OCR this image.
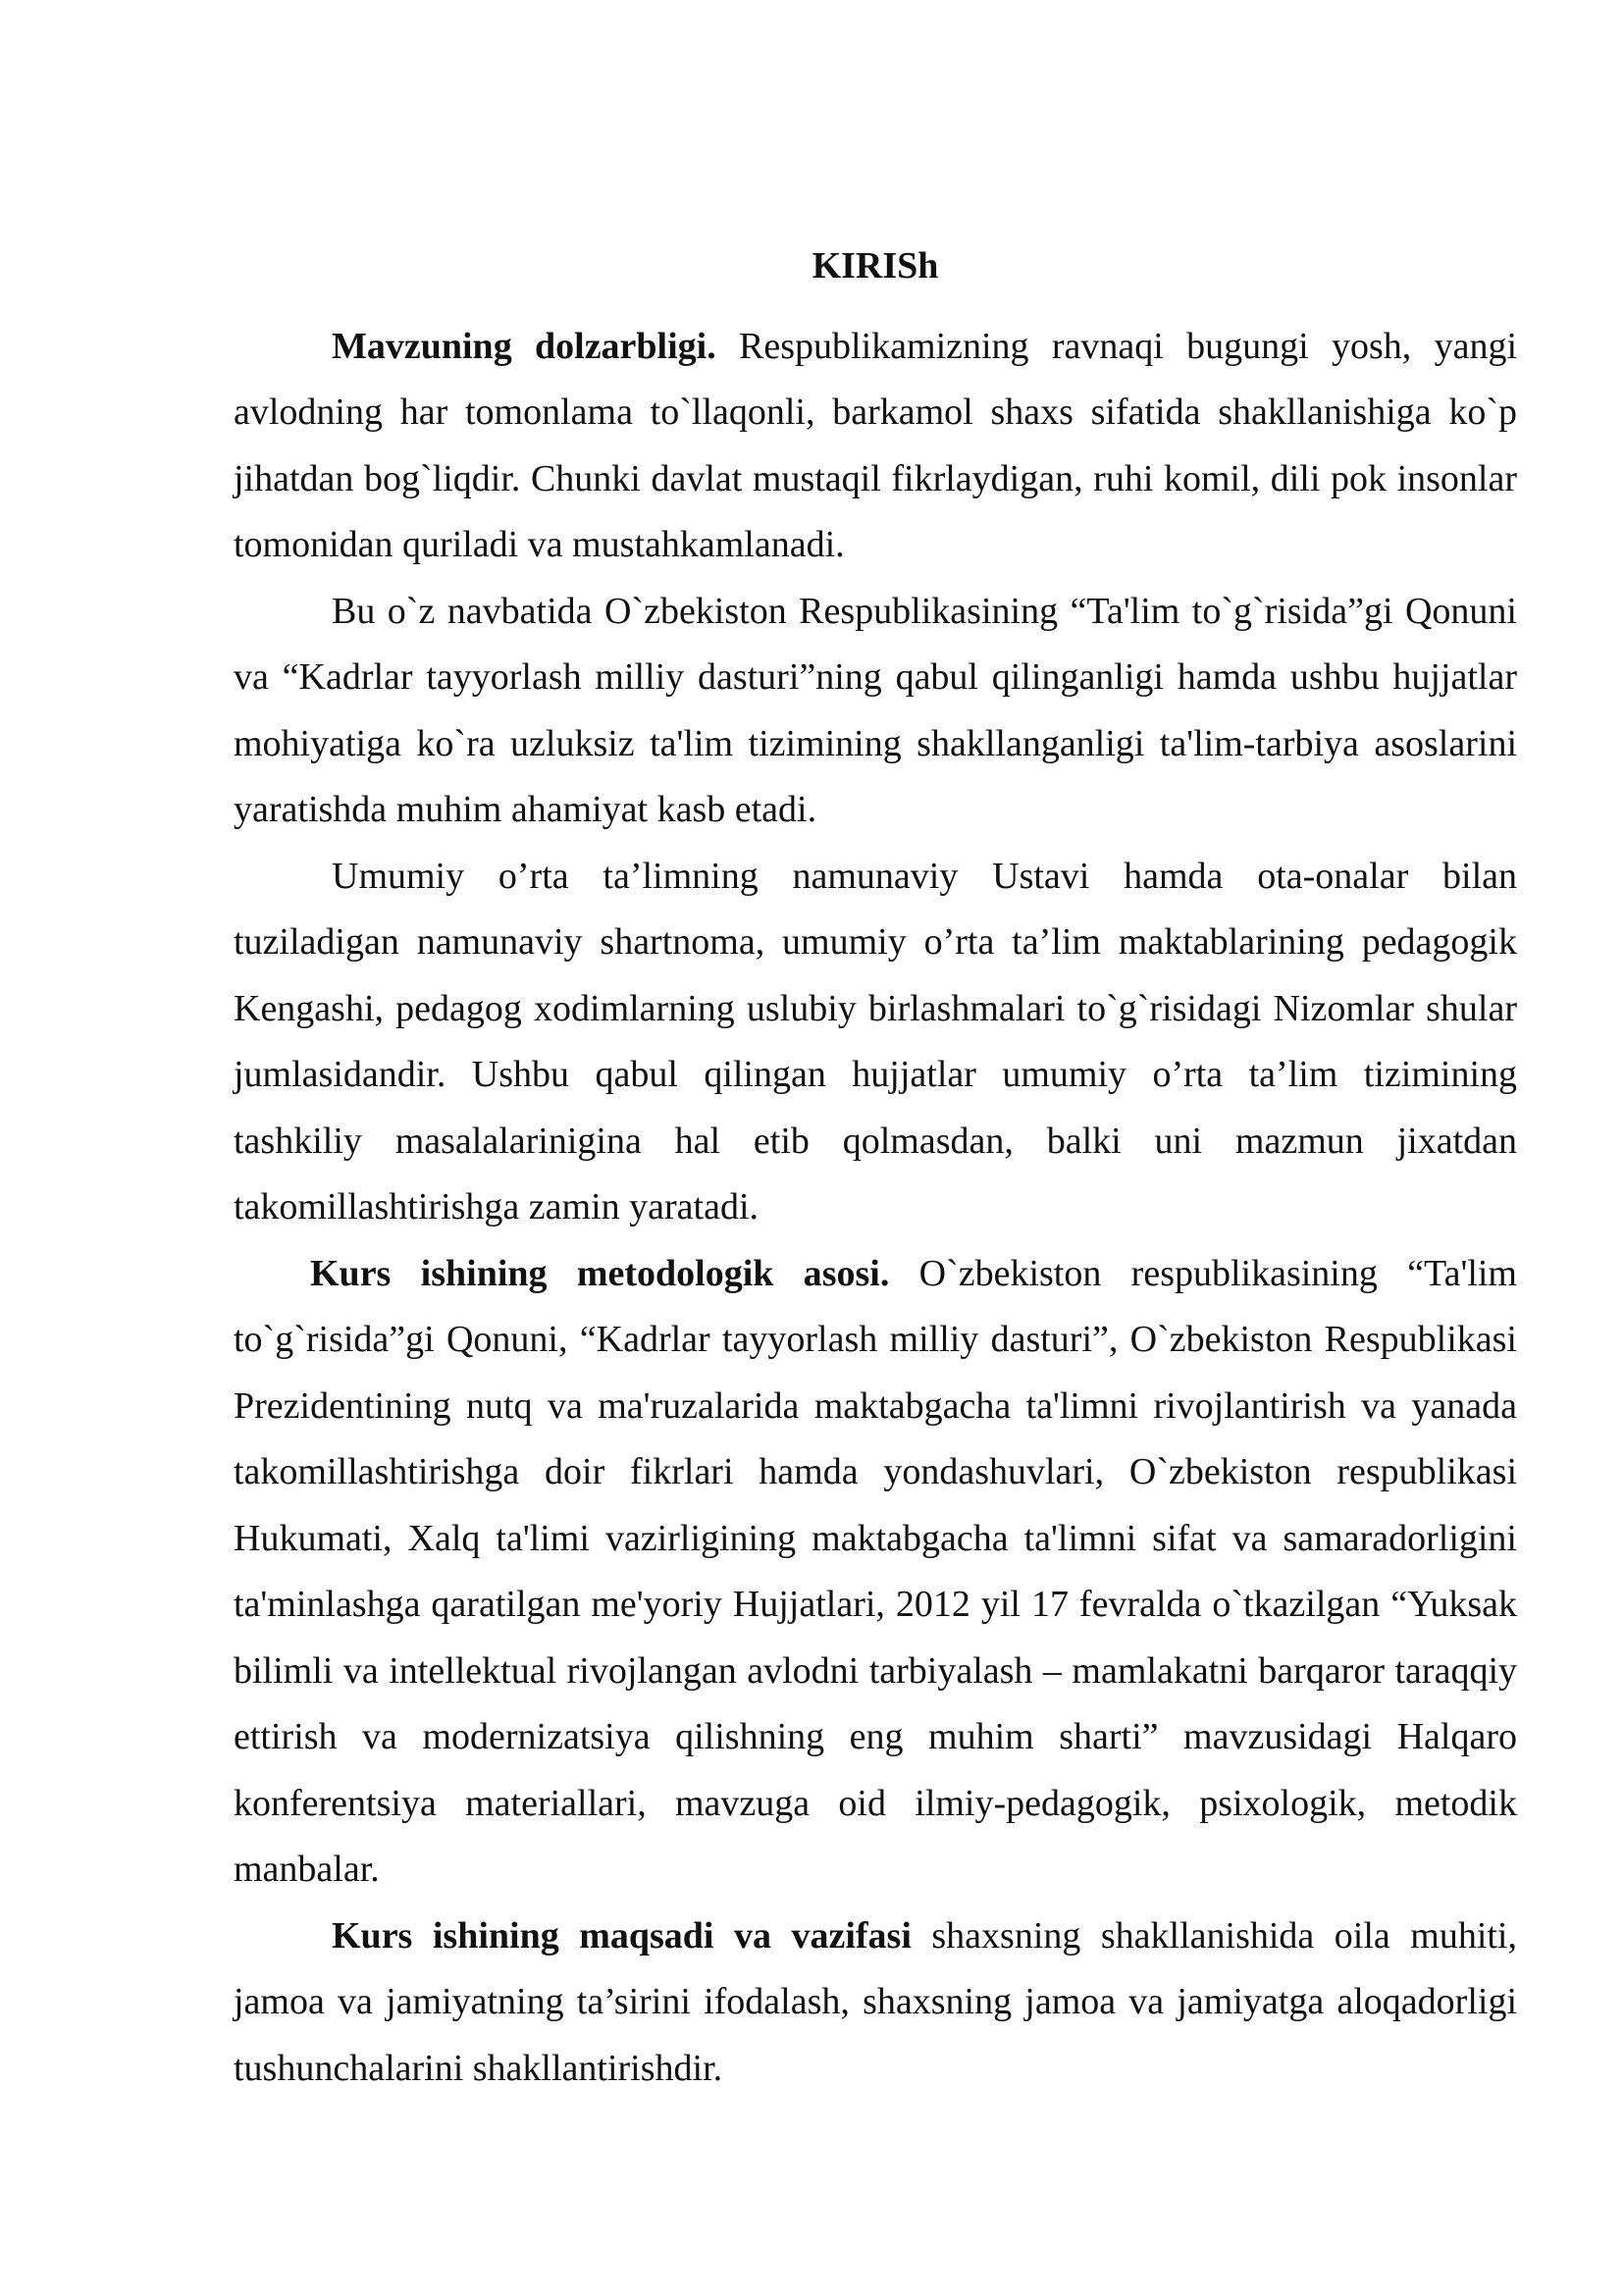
KIRISh

Mavzuning dolzarbligi. Respublikamizning ravnaqi bugungi yosh, yangi avlodning har tomonlama to`llaqonli, barkamol shaxs sifatida shakllanishiga ko`p jihatdan bog`liqdir. Chunki davlat mustaqil fikrlaydigan, ruhi komil, dili pok insonlar tomonidan quriladi va mustahkamlanadi.

Bu o`z navbatida O`zbekiston Respublikasining “Ta'lim to`g`risida”gi Qonuni va “Kadrlar tayyorlash milliy dasturi”ning qabul qilinganligi hamda ushbu hujjatlar mohiyatiga ko`ra uzluksiz ta'lim tizimining shakllanganligi ta'lim-tarbiya asoslarini yaratishda muhim ahamiyat kasb etadi.

Umumiy o’rta ta’limning namunaviy Ustavi hamda ota-onalar bilan tuziladigan namunaviy shartnoma, umumiy o’rta ta’lim maktablarining pedagogik Kengashi, pedagog xodimlarning uslubiy birlashmalari to`g`risidagi Nizomlar shular jumlasidandir. Ushbu qabul qilingan hujjatlar umumiy o’rta ta’lim tizimining tashkiliy masalalarinigina hal etib qolmasdan, balki uni mazmun jixatdan takomillashtirishga zamin yaratadi.

Kurs ishining metodologik asosi. O`zbekiston respublikasining “Ta'lim to`g`risida”gi Qonuni, “Kadrlar tayyorlash milliy dasturi”, O`zbekiston Respublikasi Prezidentining nutq va ma'ruzalarida maktabgacha ta'limni rivojlantirish va yanada takomillashtirishga doir fikrlari hamda yondashuvlari, O`zbekiston respublikasi Hukumati, Xalq ta'limi vazirligining maktabgacha ta'limni sifat va samaradorligini ta'minlashga qaratilgan me'yoriy Hujjatlari, 2012 yil 17 fevralda o`tkazilgan “Yuksak bilimli va intellektual rivojlangan avlodni tarbiyalash – mamlakatni barqaror taraqqiy ettirish va modernizatsiya qilishning eng muhim sharti” mavzusidagi Halqaro konferentsiya materiallari, mavzuga oid ilmiy-pedagogik, psixologik, metodik manbalar.

Kurs ishining maqsadi va vazifasi shaxsning shakllanishida oila muhiti, jamoa va jamiyatning ta’sirini ifodalash, shaxsning jamoa va jamiyatga aloqadorligi tushunchalarini shakllantirishdir.
